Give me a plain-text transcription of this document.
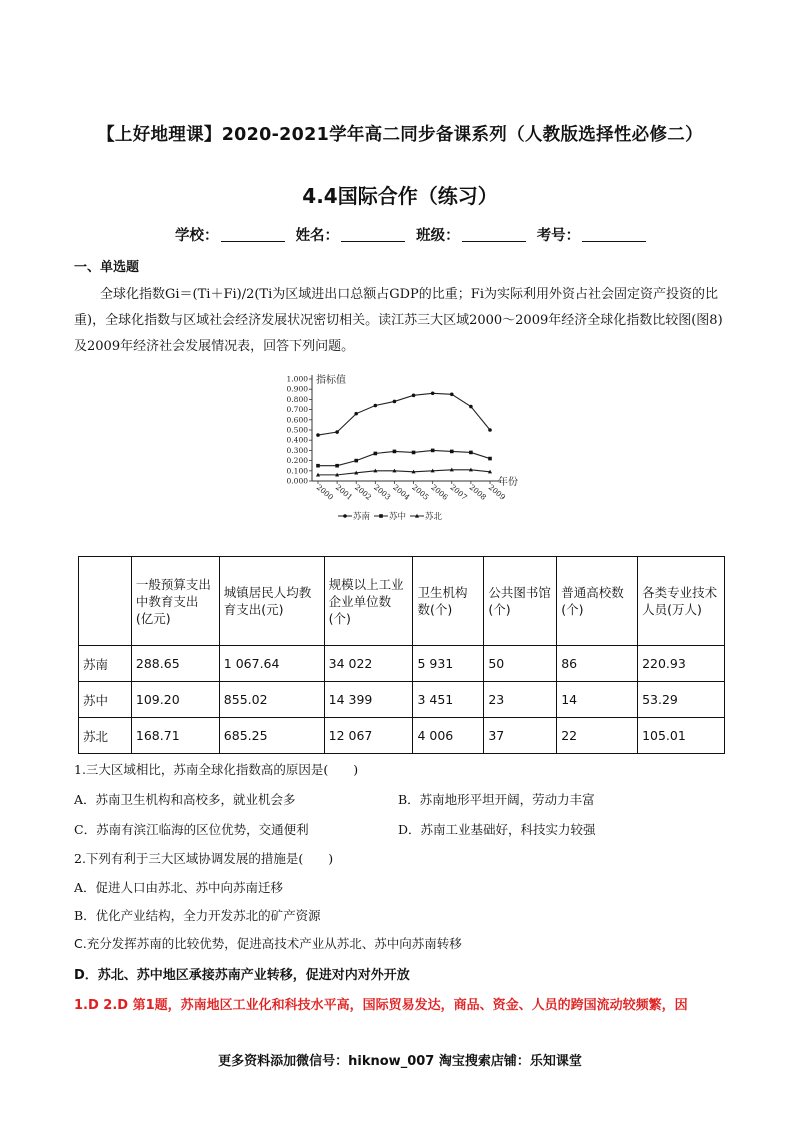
【上好地理课】2020-2021学年高二同步备课系列（人教版选择性必修二）
4.4国际合作（练习）
学校：	姓名：	班级：	考号：
一、单选题
全球化指数Gi＝(Ti＋Fi)/2(Ti为区域进出口总额占GDP的比重；Fi为实际利用外资占社会固定资产投资的比重)，全球化指数与区域社会经济发展状况密切相关。读江苏三大区域2000～2009年经济全球化指数比较图(图8)及2009年经济社会发展情况表，回答下列问题。
1.000
0.900
0.800
0.700
0.600
0.500
0.400
0.300
0.200
0.100
0.000
指标值
2000
2001
2002
2003
2004
2005
2006
2007
2008
2009
年份
苏南 苏中 苏北
	一般预算支出中教育支出(亿元)	城镇居民人均教育支出(元)	规模以上工业企业单位数(个)	卫生机构数(个)	公共图书馆(个)	普通高校数(个)	各类专业技术人员(万人)
苏南	288.65	1 067.64	34 022	5 931	50	86	220.93
苏中	109.20	855.02	14 399	3 451	23	14	53.29
苏北	168.71	685.25	12 067	4 006	37	22	105.01
1.三大区域相比，苏南全球化指数高的原因是(　　)
A．苏南卫生机构和高校多，就业机会多	B．苏南地形平坦开阔，劳动力丰富
C．苏南有滨江临海的区位优势，交通便利	D．苏南工业基础好，科技实力较强
2.下列有利于三大区域协调发展的措施是(　　)
A．促进人口由苏北、苏中向苏南迁移
B．优化产业结构，全力开发苏北的矿产资源
C.充分发挥苏南的比较优势，促进高技术产业从苏北、苏中向苏南转移
D．苏北、苏中地区承接苏南产业转移，促进对内对外开放
1.D 2.D 第1题，苏南地区工业化和科技水平高，国际贸易发达，商品、资金、人员的跨国流动较频繁，因
更多资料添加微信号：hiknow_007 淘宝搜索店铺：乐知课堂
